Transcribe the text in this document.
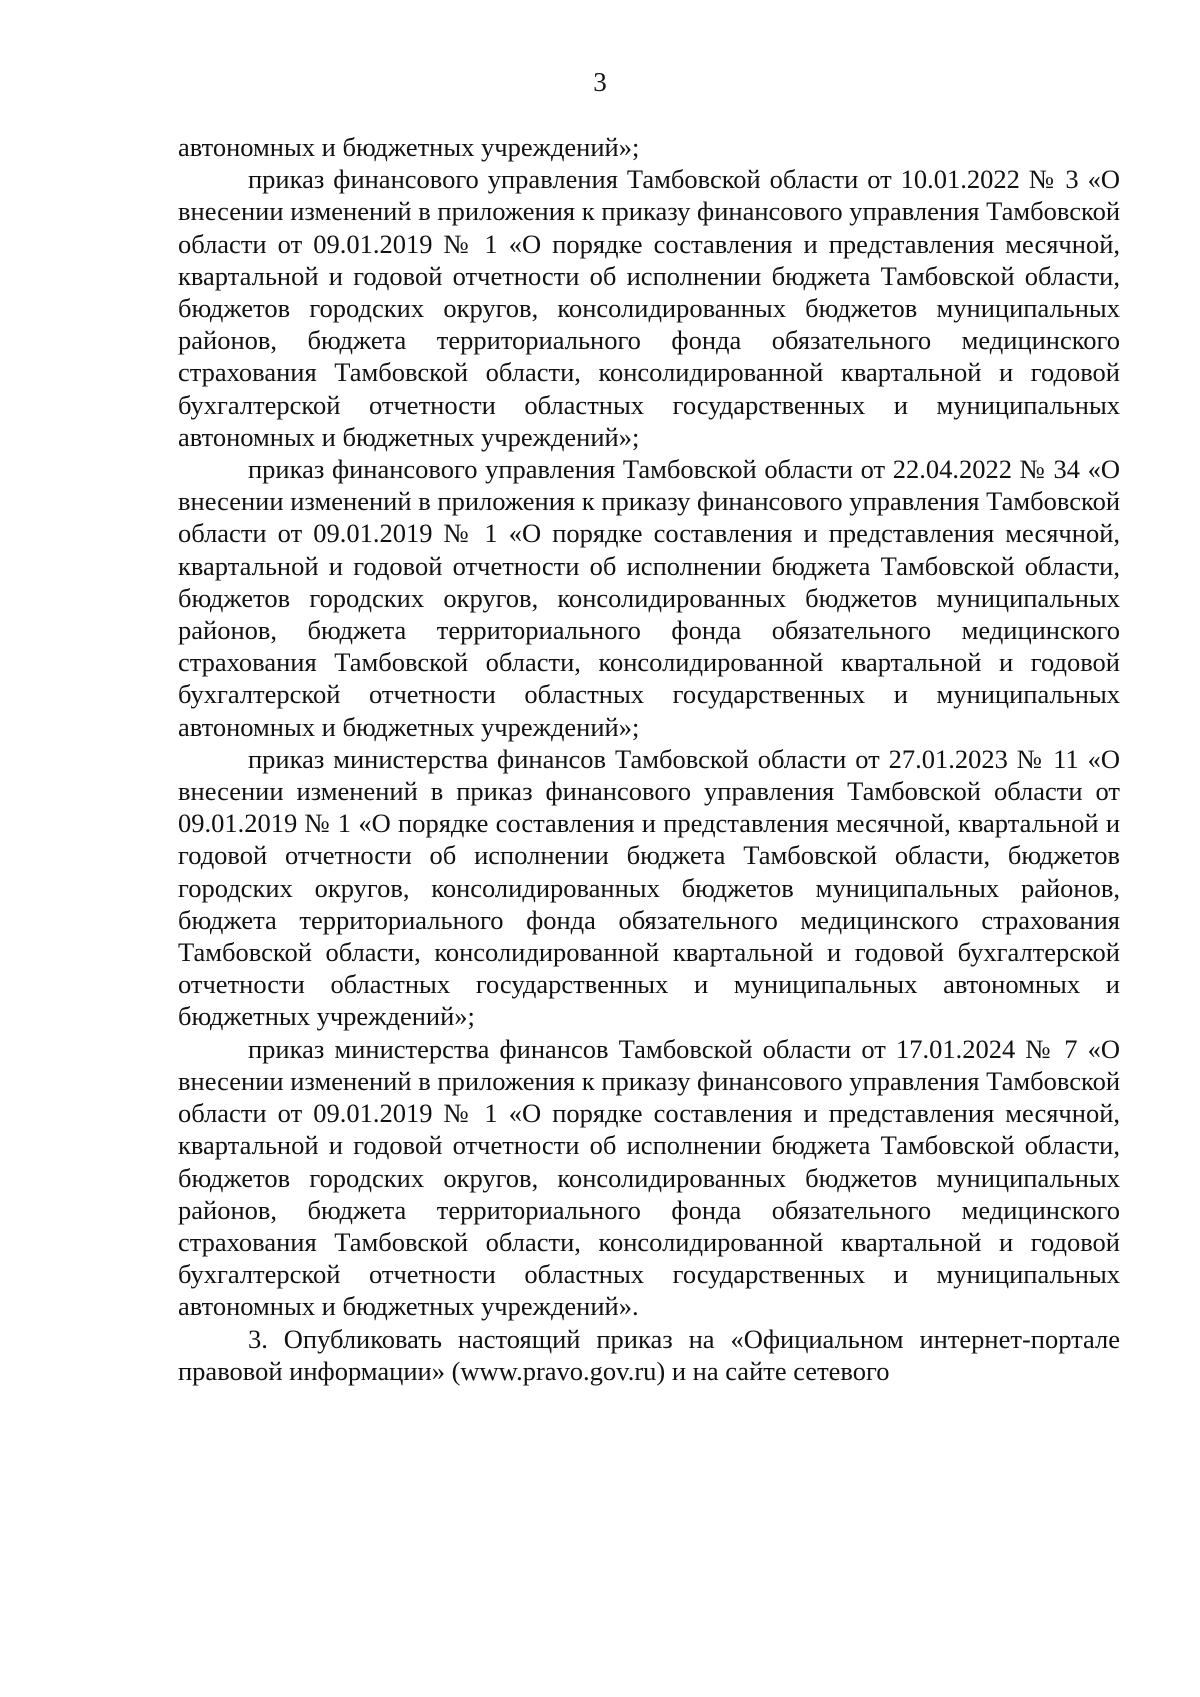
3

автономных и бюджетных учреждений»;

приказ финансового управления Тамбовской области от 10.01.2022 № 3 «О внесении изменений в приложения к приказу финансового управления Тамбовской области от 09.01.2019 № 1 «О порядке составления и представления месячной, квартальной и годовой отчетности об исполнении бюджета Тамбовской области, бюджетов городских округов, консолидированных бюджетов муниципальных районов, бюджета территориального фонда обязательного медицинского страхования Тамбовской области, консолидированной квартальной и годовой бухгалтерской отчетности областных государственных и муниципальных автономных и бюджетных учреждений»;

приказ финансового управления Тамбовской области от 22.04.2022 № 34 «О внесении изменений в приложения к приказу финансового управления Тамбовской области от 09.01.2019 № 1 «О порядке составления и представления месячной, квартальной и годовой отчетности об исполнении бюджета Тамбовской области, бюджетов городских округов, консолидированных бюджетов муниципальных районов, бюджета территориального фонда обязательного медицинского страхования Тамбовской области, консолидированной квартальной и годовой бухгалтерской отчетности областных государственных и муниципальных автономных и бюджетных учреждений»;

приказ министерства финансов Тамбовской области от 27.01.2023 № 11 «О внесении изменений в приказ финансового управления Тамбовской области от 09.01.2019 № 1 «О порядке составления и представления месячной, квартальной и годовой отчетности об исполнении бюджета Тамбовской области, бюджетов городских округов, консолидированных бюджетов муниципальных районов, бюджета территориального фонда обязательного медицинского страхования Тамбовской области, консолидированной квартальной и годовой бухгалтерской отчетности областных государственных и муниципальных автономных и бюджетных учреждений»;

приказ министерства финансов Тамбовской области от 17.01.2024 № 7 «О внесении изменений в приложения к приказу финансового управления Тамбовской области от 09.01.2019 № 1 «О порядке составления и представления месячной, квартальной и годовой отчетности об исполнении бюджета Тамбовской области, бюджетов городских округов, консолидированных бюджетов муниципальных районов, бюджета территориального фонда обязательного медицинского страхования Тамбовской области, консолидированной квартальной и годовой бухгалтерской отчетности областных государственных и муниципальных автономных и бюджетных учреждений».

3. Опубликовать настоящий приказ на «Официальном интернет-портале правовой информации» (www.pravo.gov.ru) и на сайте сетевого
